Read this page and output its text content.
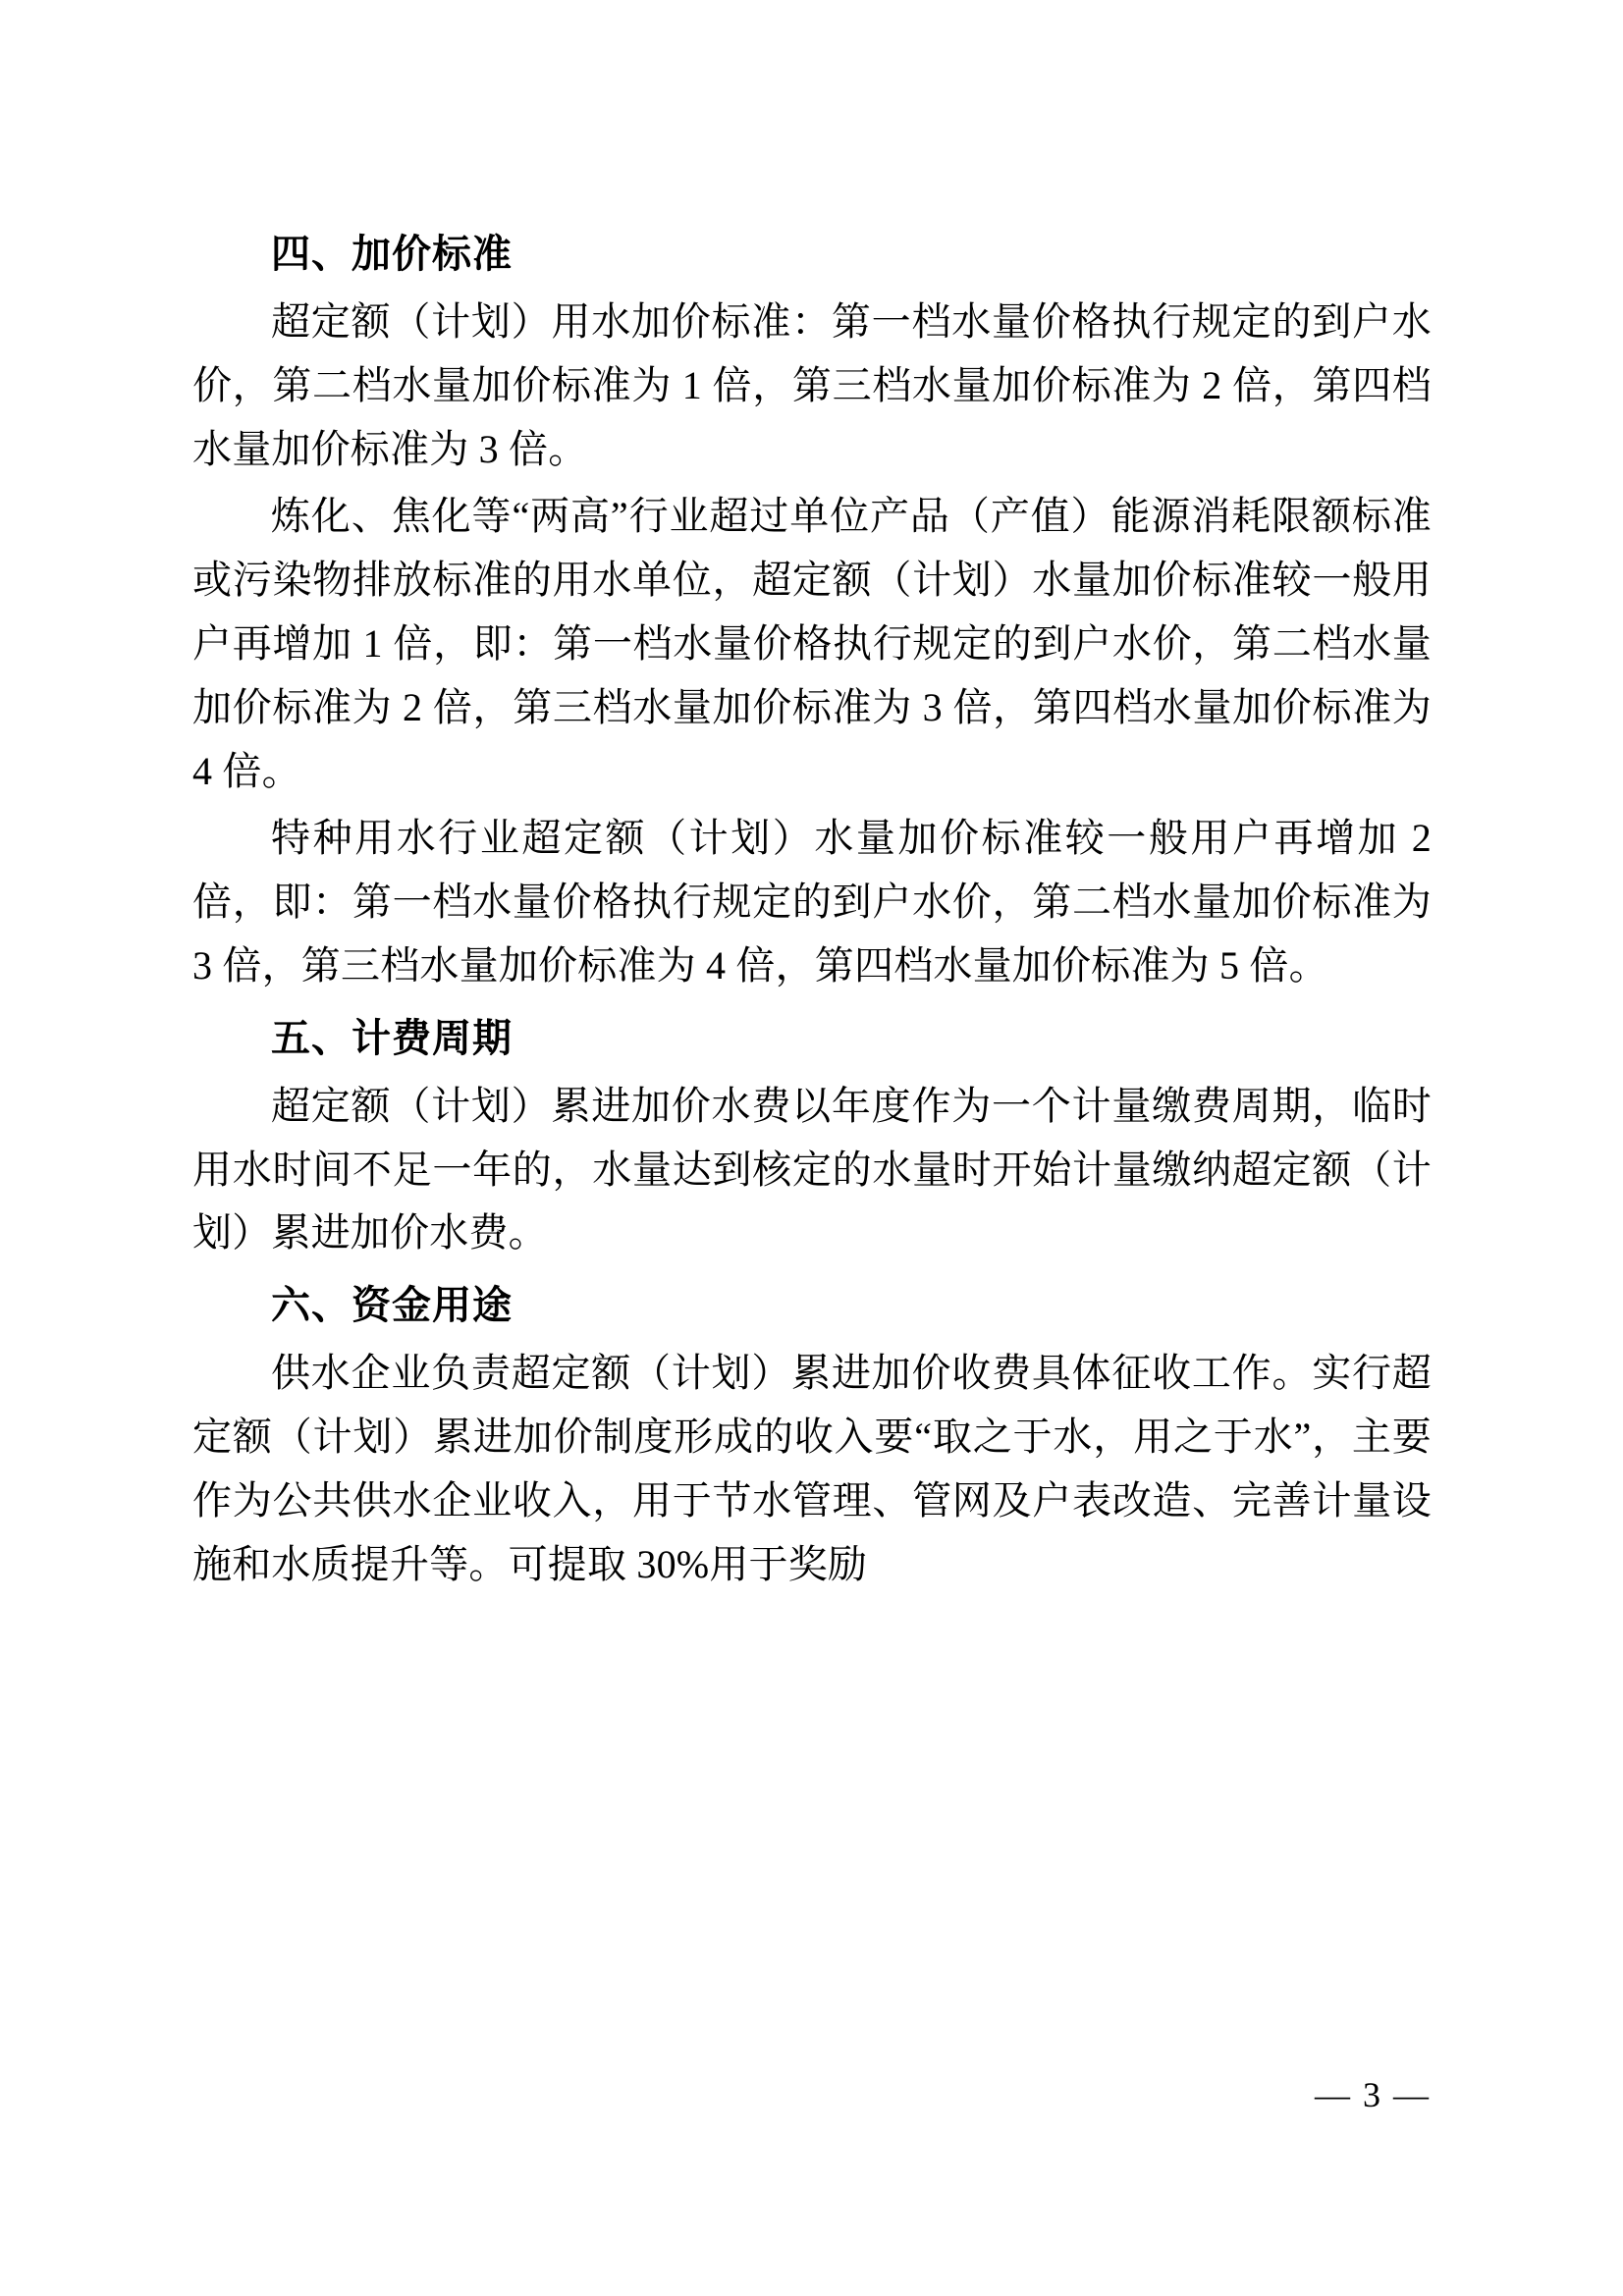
四、加价标准

超定额（计划）用水加价标准：第一档水量价格执行规定的到户水价，第二档水量加价标准为 1 倍，第三档水量加价标准为 2 倍，第四档水量加价标准为 3 倍。

炼化、焦化等“两高”行业超过单位产品（产值）能源消耗限额标准或污染物排放标准的用水单位，超定额（计划）水量加价标准较一般用户再增加 1 倍，即：第一档水量价格执行规定的到户水价，第二档水量加价标准为 2 倍，第三档水量加价标准为 3 倍，第四档水量加价标准为 4 倍。

特种用水行业超定额（计划）水量加价标准较一般用户再增加 2 倍，即：第一档水量价格执行规定的到户水价，第二档水量加价标准为 3 倍，第三档水量加价标准为 4 倍，第四档水量加价标准为 5 倍。

五、计费周期

超定额（计划）累进加价水费以年度作为一个计量缴费周期，临时用水时间不足一年的，水量达到核定的水量时开始计量缴纳超定额（计划）累进加价水费。

六、资金用途

供水企业负责超定额（计划）累进加价收费具体征收工作。实行超定额（计划）累进加价制度形成的收入要“取之于水，用之于水”，主要作为公共供水企业收入，用于节水管理、管网及户表改造、完善计量设施和水质提升等。可提取 30%用于奖励

— 3 —
